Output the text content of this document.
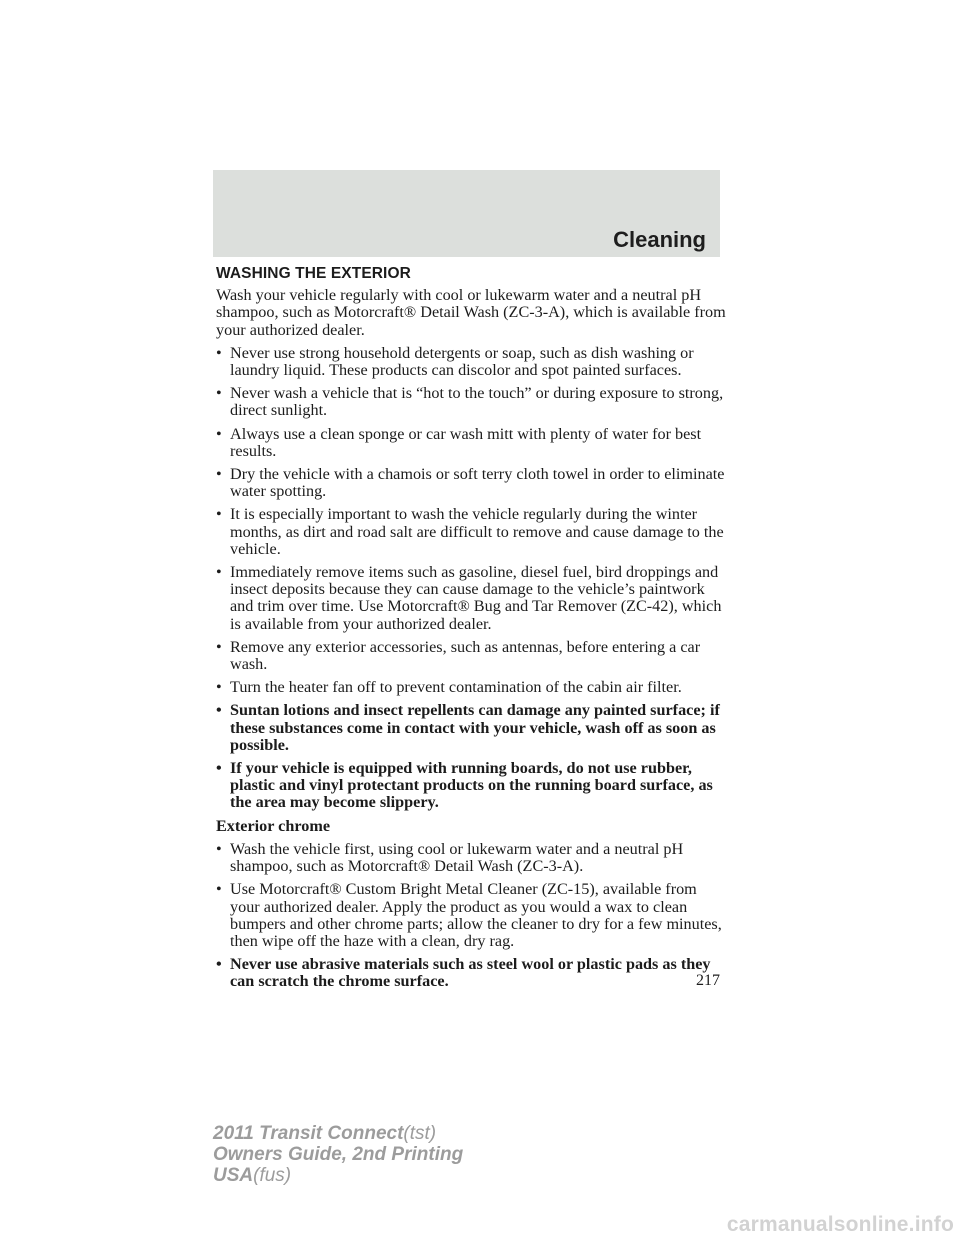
Cleaning
WASHING THE EXTERIOR

Wash your vehicle regularly with cool or lukewarm water and a neutral pH shampoo, such as Motorcraft® Detail Wash (ZC-3-A), which is available from your authorized dealer.

• Never use strong household detergents or soap, such as dish washing or laundry liquid. These products can discolor and spot painted surfaces.
• Never wash a vehicle that is “hot to the touch” or during exposure to strong, direct sunlight.
• Always use a clean sponge or car wash mitt with plenty of water for best results.
• Dry the vehicle with a chamois or soft terry cloth towel in order to eliminate water spotting.
• It is especially important to wash the vehicle regularly during the winter months, as dirt and road salt are difficult to remove and cause damage to the vehicle.
• Immediately remove items such as gasoline, diesel fuel, bird droppings and insect deposits because they can cause damage to the vehicle’s paintwork and trim over time. Use Motorcraft® Bug and Tar Remover (ZC-42), which is available from your authorized dealer.
• Remove any exterior accessories, such as antennas, before entering a car wash.
• Turn the heater fan off to prevent contamination of the cabin air filter.
• Suntan lotions and insect repellents can damage any painted surface; if these substances come in contact with your vehicle, wash off as soon as possible.
• If your vehicle is equipped with running boards, do not use rubber, plastic and vinyl protectant products on the running board surface, as the area may become slippery.
Exterior chrome
• Wash the vehicle first, using cool or lukewarm water and a neutral pH shampoo, such as Motorcraft® Detail Wash (ZC-3-A).
• Use Motorcraft® Custom Bright Metal Cleaner (ZC-15), available from your authorized dealer. Apply the product as you would a wax to clean bumpers and other chrome parts; allow the cleaner to dry for a few minutes, then wipe off the haze with a clean, dry rag.
• Never use abrasive materials such as steel wool or plastic pads as they can scratch the chrome surface.	217
2011 Transit Connect(tst)
Owners Guide, 2nd Printing
USA(fus)
carmanualsonline.info
